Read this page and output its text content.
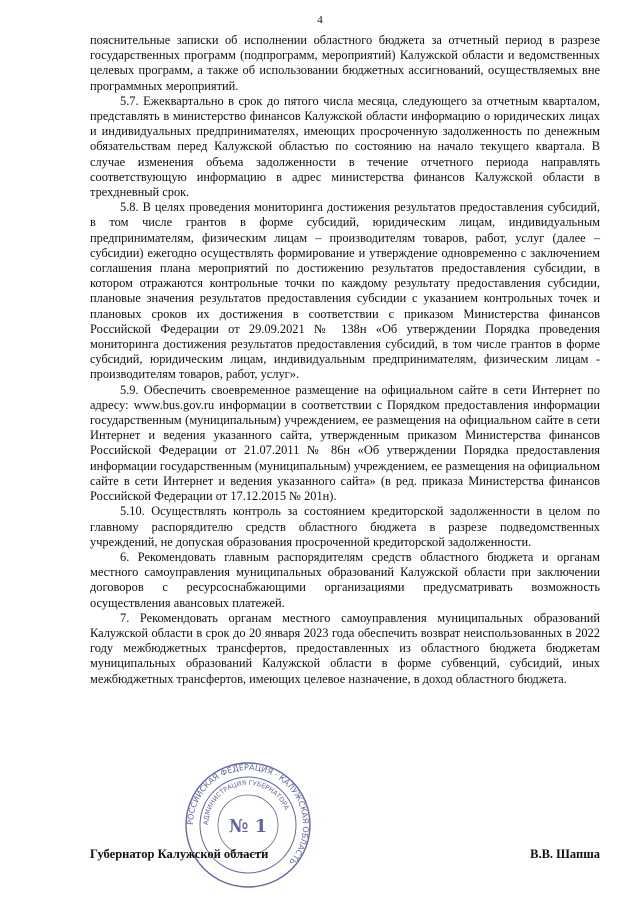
4

пояснительные записки об исполнении областного бюджета за отчетный период в разрезе государственных программ (подпрограмм, мероприятий) Калужской области и ведомственных целевых программ, а также об использовании бюджетных ассигнований, осуществляемых вне программных мероприятий.

5.7. Ежеквартально в срок до пятого числа месяца, следующего за отчетным кварталом, представлять в министерство финансов Калужской области информацию о юридических лицах и индивидуальных предпринимателях, имеющих просроченную задолженность по денежным обязательствам перед Калужской областью по состоянию на начало текущего квартала. В случае изменения объема задолженности в течение отчетного периода направлять соответствующую информацию в адрес министерства финансов Калужской области в трехдневный срок.

5.8. В целях проведения мониторинга достижения результатов предоставления субсидий, в том числе грантов в форме субсидий, юридическим лицам, индивидуальным предпринимателям, физическим лицам – производителям товаров, работ, услуг (далее – субсидии) ежегодно осуществлять формирование и утверждение одновременно с заключением соглашения плана мероприятий по достижению результатов предоставления субсидии, в котором отражаются контрольные точки по каждому результату предоставления субсидии, плановые значения результатов предоставления субсидии с указанием контрольных точек и плановых сроков их достижения в соответствии с приказом Министерства финансов Российской Федерации от 29.09.2021 № 138н «Об утверждении Порядка проведения мониторинга достижения результатов предоставления субсидий, в том числе грантов в форме субсидий, юридическим лицам, индивидуальным предпринимателям, физическим лицам - производителям товаров, работ, услуг».

5.9. Обеспечить своевременное размещение на официальном сайте в сети Интернет по адресу: www.bus.gov.ru информации в соответствии с Порядком предоставления информации государственным (муниципальным) учреждением, ее размещения на официальном сайте в сети Интернет и ведения указанного сайта, утвержденным приказом Министерства финансов Российской Федерации от 21.07.2011 № 86н «Об утверждении Порядка предоставления информации государственным (муниципальным) учреждением, ее размещения на официальном сайте в сети Интернет и ведения указанного сайта» (в ред. приказа Министерства финансов Российской Федерации от 17.12.2015 № 201н).

5.10. Осуществлять контроль за состоянием кредиторской задолженности в целом по главному распорядителю средств областного бюджета в разрезе подведомственных учреждений, не допуская образования просроченной кредиторской задолженности.

6. Рекомендовать главным распорядителям средств областного бюджета и органам местного самоуправления муниципальных образований Калужской области при заключении договоров с ресурсоснабжающими организациями предусматривать возможность осуществления авансовых платежей.

7. Рекомендовать органам местного самоуправления муниципальных образований Калужской области в срок до 20 января 2023 года обеспечить возврат неиспользованных в 2022 году межбюджетных трансфертов, предоставленных из областного бюджета бюджетам муниципальных образований Калужской области в форме субвенций, субсидий, иных межбюджетных трансфертов, имеющих целевое назначение, в доход областного бюджета.

РОССИЙСКАЯ ФЕДЕРАЦИЯ · КАЛУЖСКАЯ ОБЛАСТЬ
АДМИНИСТРАЦИЯ ГУБЕРНАТОРА
№ 1
Губернатор Калужской области	В.В. Шапша
